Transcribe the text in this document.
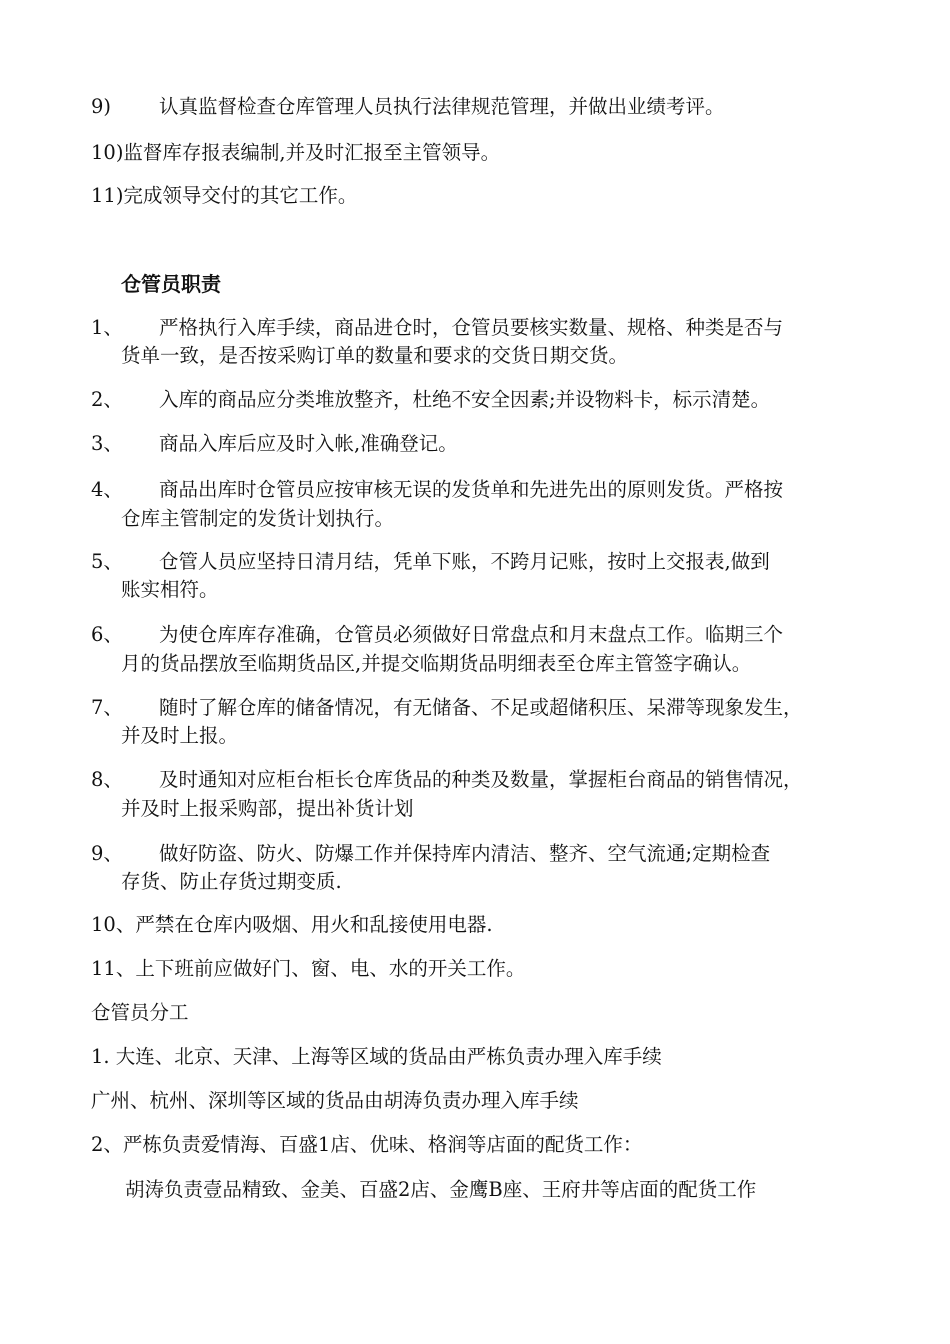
9) 认真监督检查仓库管理人员执行法律规范管理，并做出业绩考评。
10)监督库存报表编制,并及时汇报至主管领导。
11)完成领导交付的其它工作。
仓管员职责
1、 严格执行入库手续，商品进仓时，仓管员要核实数量、规格、种类是否与
货单一致，是否按采购订单的数量和要求的交货日期交货。
2、 入库的商品应分类堆放整齐，杜绝不安全因素;并设物料卡，标示清楚。
3、 商品入库后应及时入帐,准确登记。
4、 商品出库时仓管员应按审核无误的发货单和先进先出的原则发货。严格按
仓库主管制定的发货计划执行。
5、 仓管人员应坚持日清月结，凭单下账，不跨月记账，按时上交报表,做到
账实相符。
6、 为使仓库库存准确，仓管员必须做好日常盘点和月末盘点工作。临期三个
月的货品摆放至临期货品区,并提交临期货品明细表至仓库主管签字确认。
7、 随时了解仓库的储备情况，有无储备、不足或超储积压、呆滞等现象发生，
并及时上报。
8、 及时通知对应柜台柜长仓库货品的种类及数量，掌握柜台商品的销售情况，
并及时上报采购部，提出补货计划
9、 做好防盗、防火、防爆工作并保持库内清洁、整齐、空气流通;定期检查
存货、防止存货过期变质.
10、严禁在仓库内吸烟、用火和乱接使用电器.
11、上下班前应做好门、窗、电、水的开关工作。
仓管员分工
1. 大连、北京、天津、上海等区域的货品由严栋负责办理入库手续
广州、杭州、深圳等区域的货品由胡涛负责办理入库手续
2、严栋负责爱情海、百盛1店、优味、格润等店面的配货工作：
胡涛负责壹品精致、金美、百盛2店、金鹰B座、王府井等店面的配货工作
